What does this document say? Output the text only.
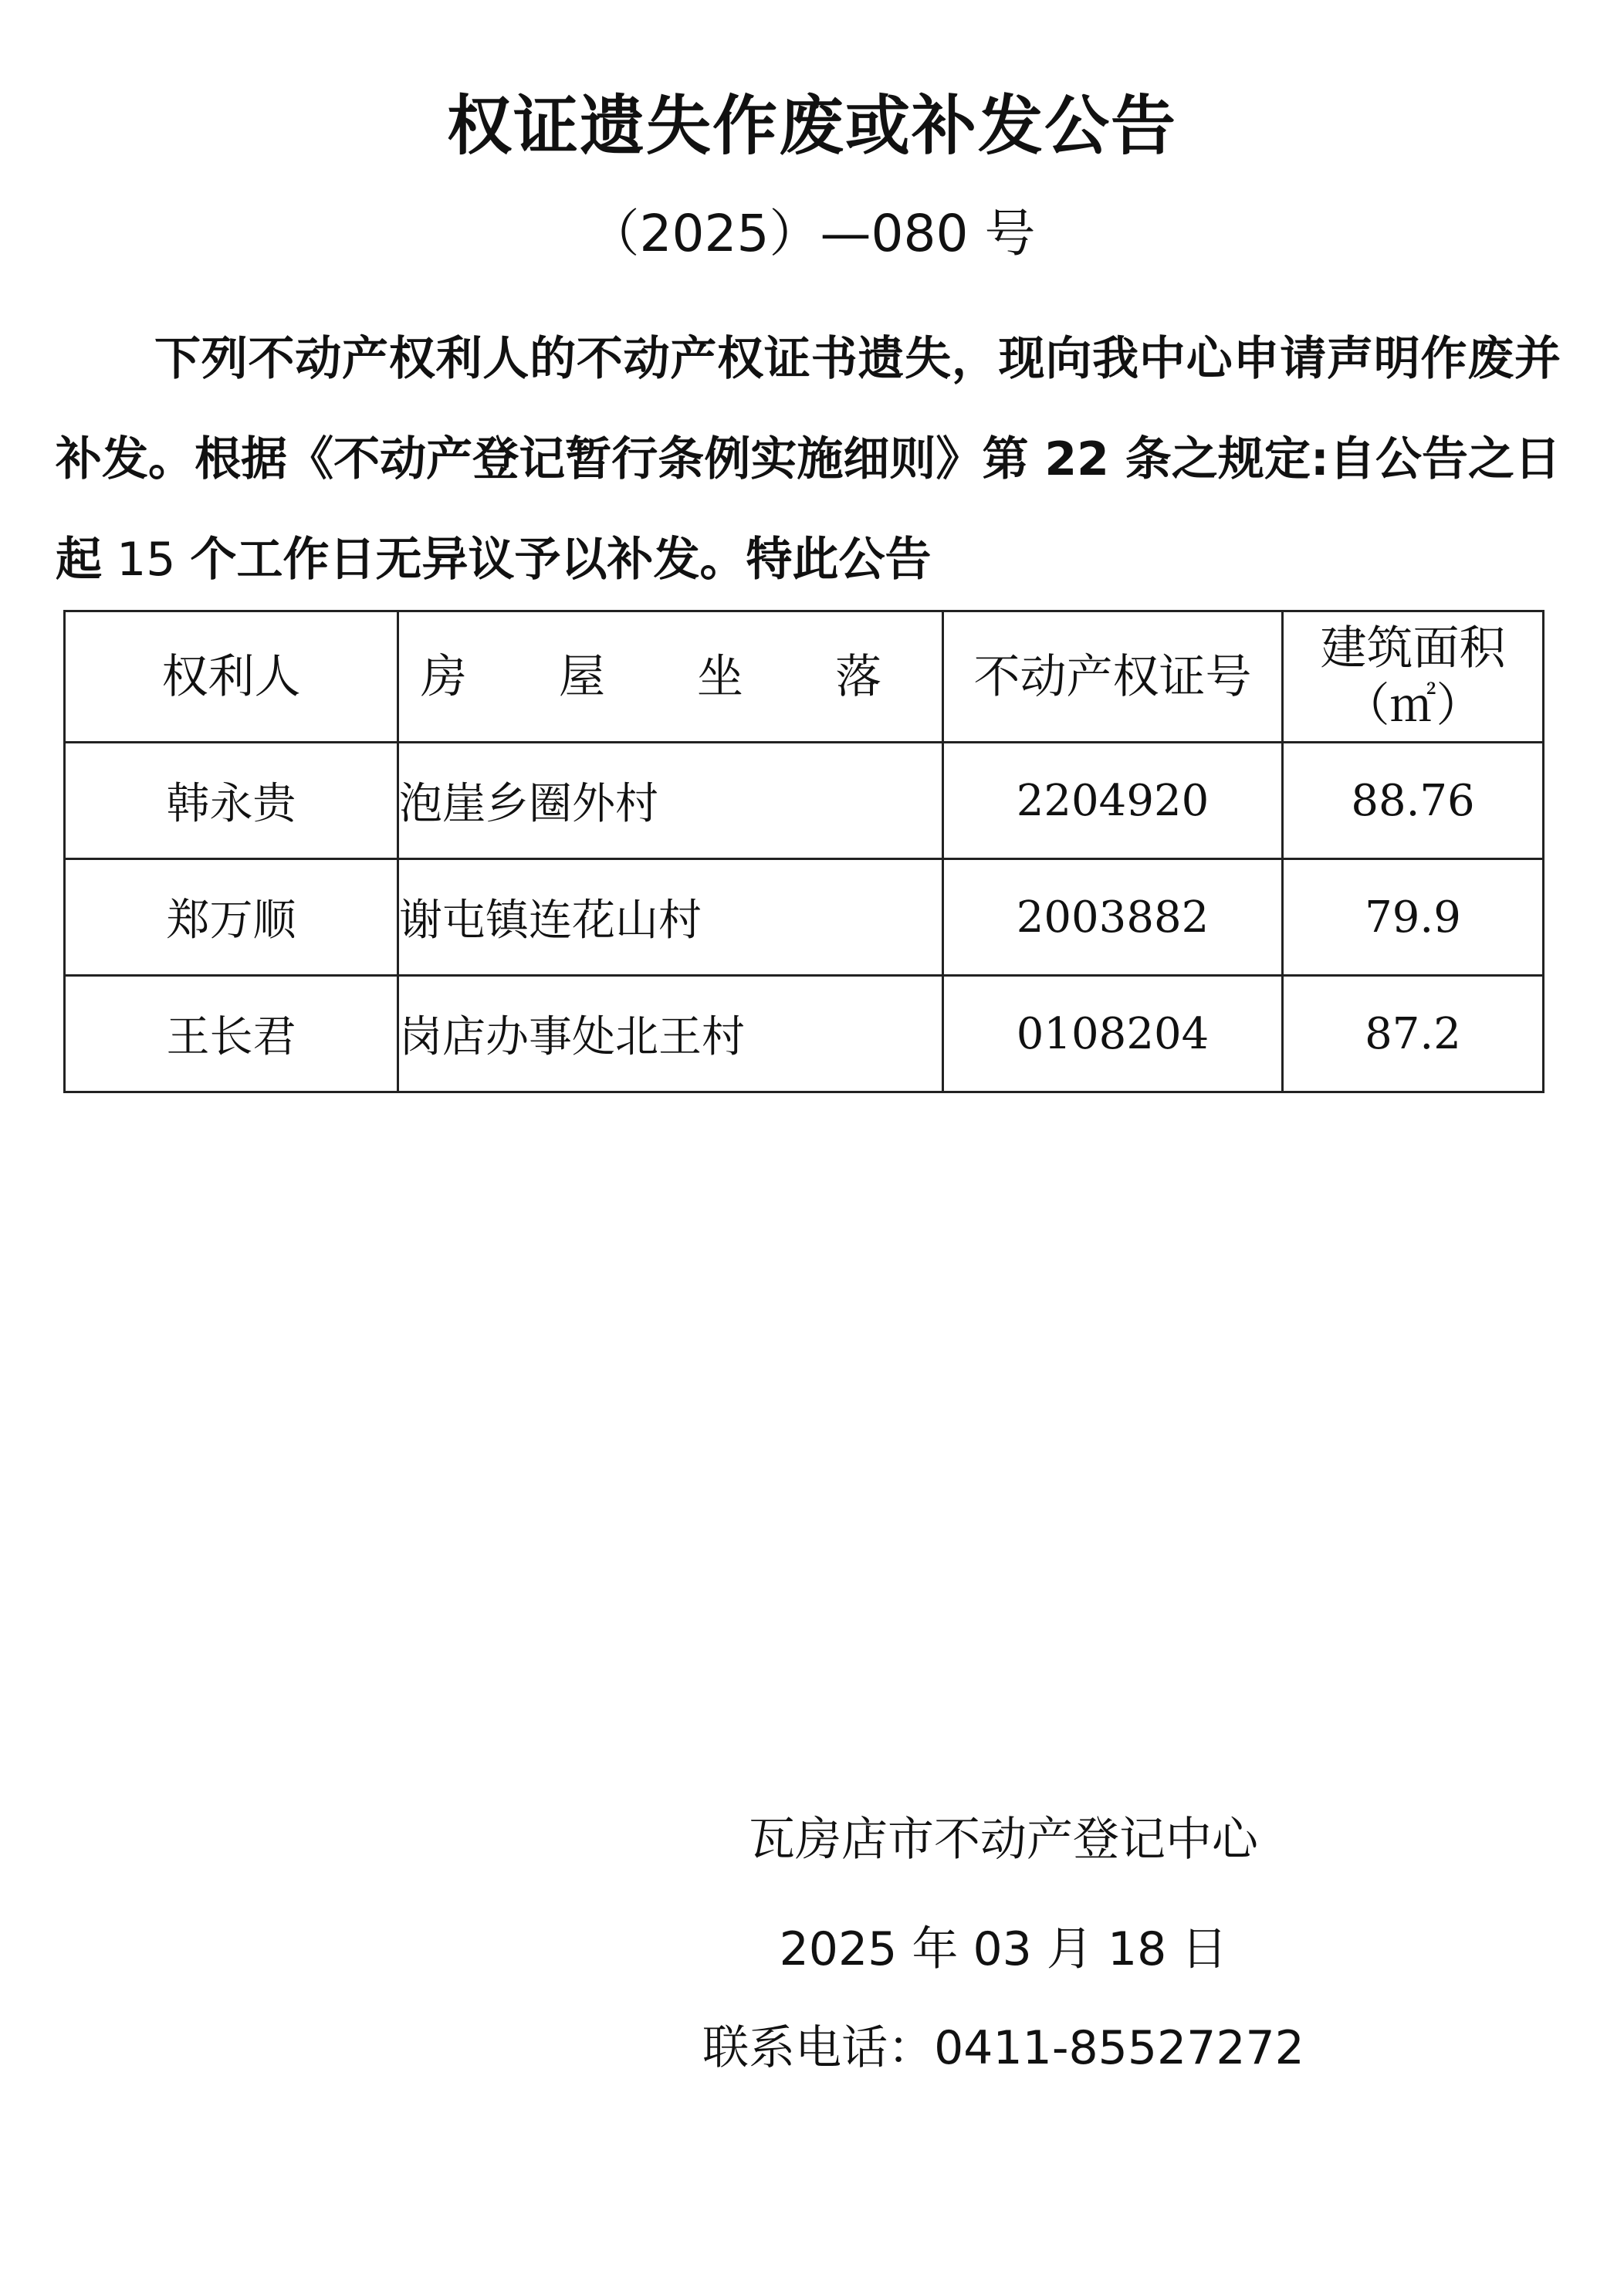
权证遗失作废或补发公告
（2025）—080 号
下列不动产权利人的不动产权证书遗失，现向我中心申请声明作废并补发。根据《不动产登记暂行条例实施细则》第 22 条之规定:自公告之日起 15 个工作日无异议予以补发。特此公告
权利人	房 屋 坐 落	不动产权证号	建筑面积
（㎡）
韩永贵	泡崖乡圈外村	2204920	88.76
郑万顺	谢屯镇连花山村	2003882	79.9
王长君	岗店办事处北王村	0108204	87.2
瓦房店市不动产登记中心
2025 年 03 月 18 日
联系电话：0411-85527272
